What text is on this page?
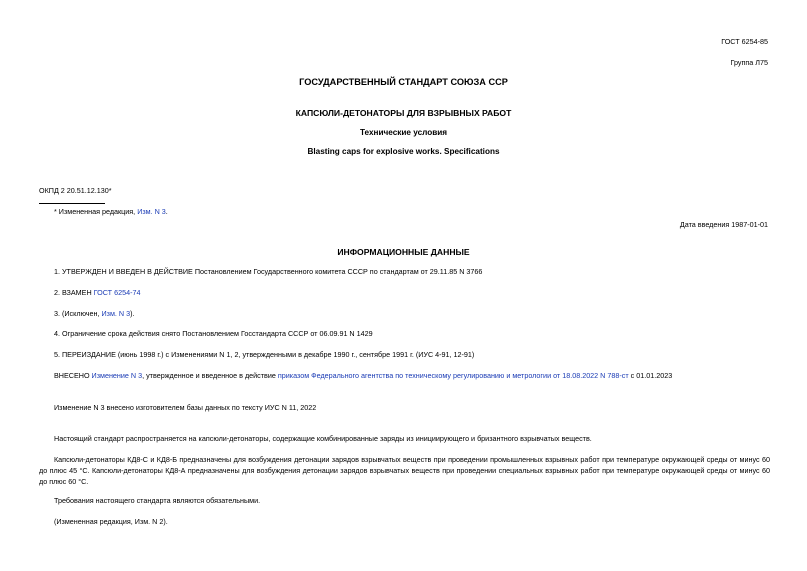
ГОСТ 6254-85
Группа Л75
ГОСУДАРСТВЕННЫЙ СТАНДАРТ СОЮЗА ССР
КАПСЮЛИ-ДЕТОНАТОРЫ ДЛЯ ВЗРЫВНЫХ РАБОТ
Технические условия
Blasting caps for explosive works. Specifications
ОКПД 2 20.51.12.130*
* Измененная редакция, Изм. N 3.
Дата введения 1987-01-01
ИНФОРМАЦИОННЫЕ ДАННЫЕ
1. УТВЕРЖДЕН И ВВЕДЕН В ДЕЙСТВИЕ Постановлением Государственного комитета СССР по стандартам от 29.11.85 N 3766
2. ВЗАМЕН ГОСТ 6254-74
3. (Исключен, Изм. N 3).
4. Ограничение срока действия снято Постановлением Госстандарта СССР от 06.09.91 N 1429
5. ПЕРЕИЗДАНИЕ (июнь 1998 г.) с Изменениями N 1, 2, утвержденными в декабре 1990 г., сентябре 1991 г. (ИУС 4-91, 12-91)
ВНЕСЕНО Изменение N 3, утвержденное и введенное в действие приказом Федерального агентства по техническому регулированию и метрологии от 18.08.2022 N 788-ст с 01.01.2023
Изменение N 3 внесено изготовителем базы данных по тексту ИУС N 11, 2022
Настоящий стандарт распространяется на капсюли-детонаторы, содержащие комбинированные заряды из инициирующего и бризантного взрывчатых веществ.
Капсюли-детонаторы КД8-С и КД8-Б предназначены для возбуждения детонации зарядов взрывчатых веществ при проведении промышленных взрывных работ при температуре окружающей среды от минус 60 до плюс 45 °С. Капсюли-детонаторы КД8-А предназначены для возбуждения детонации зарядов взрывчатых веществ при проведении специальных взрывных работ при температуре окружающей среды от минус 60 до плюс 60 °С.
Требования настоящего стандарта являются обязательными.
(Измененная редакция, Изм. N 2).
